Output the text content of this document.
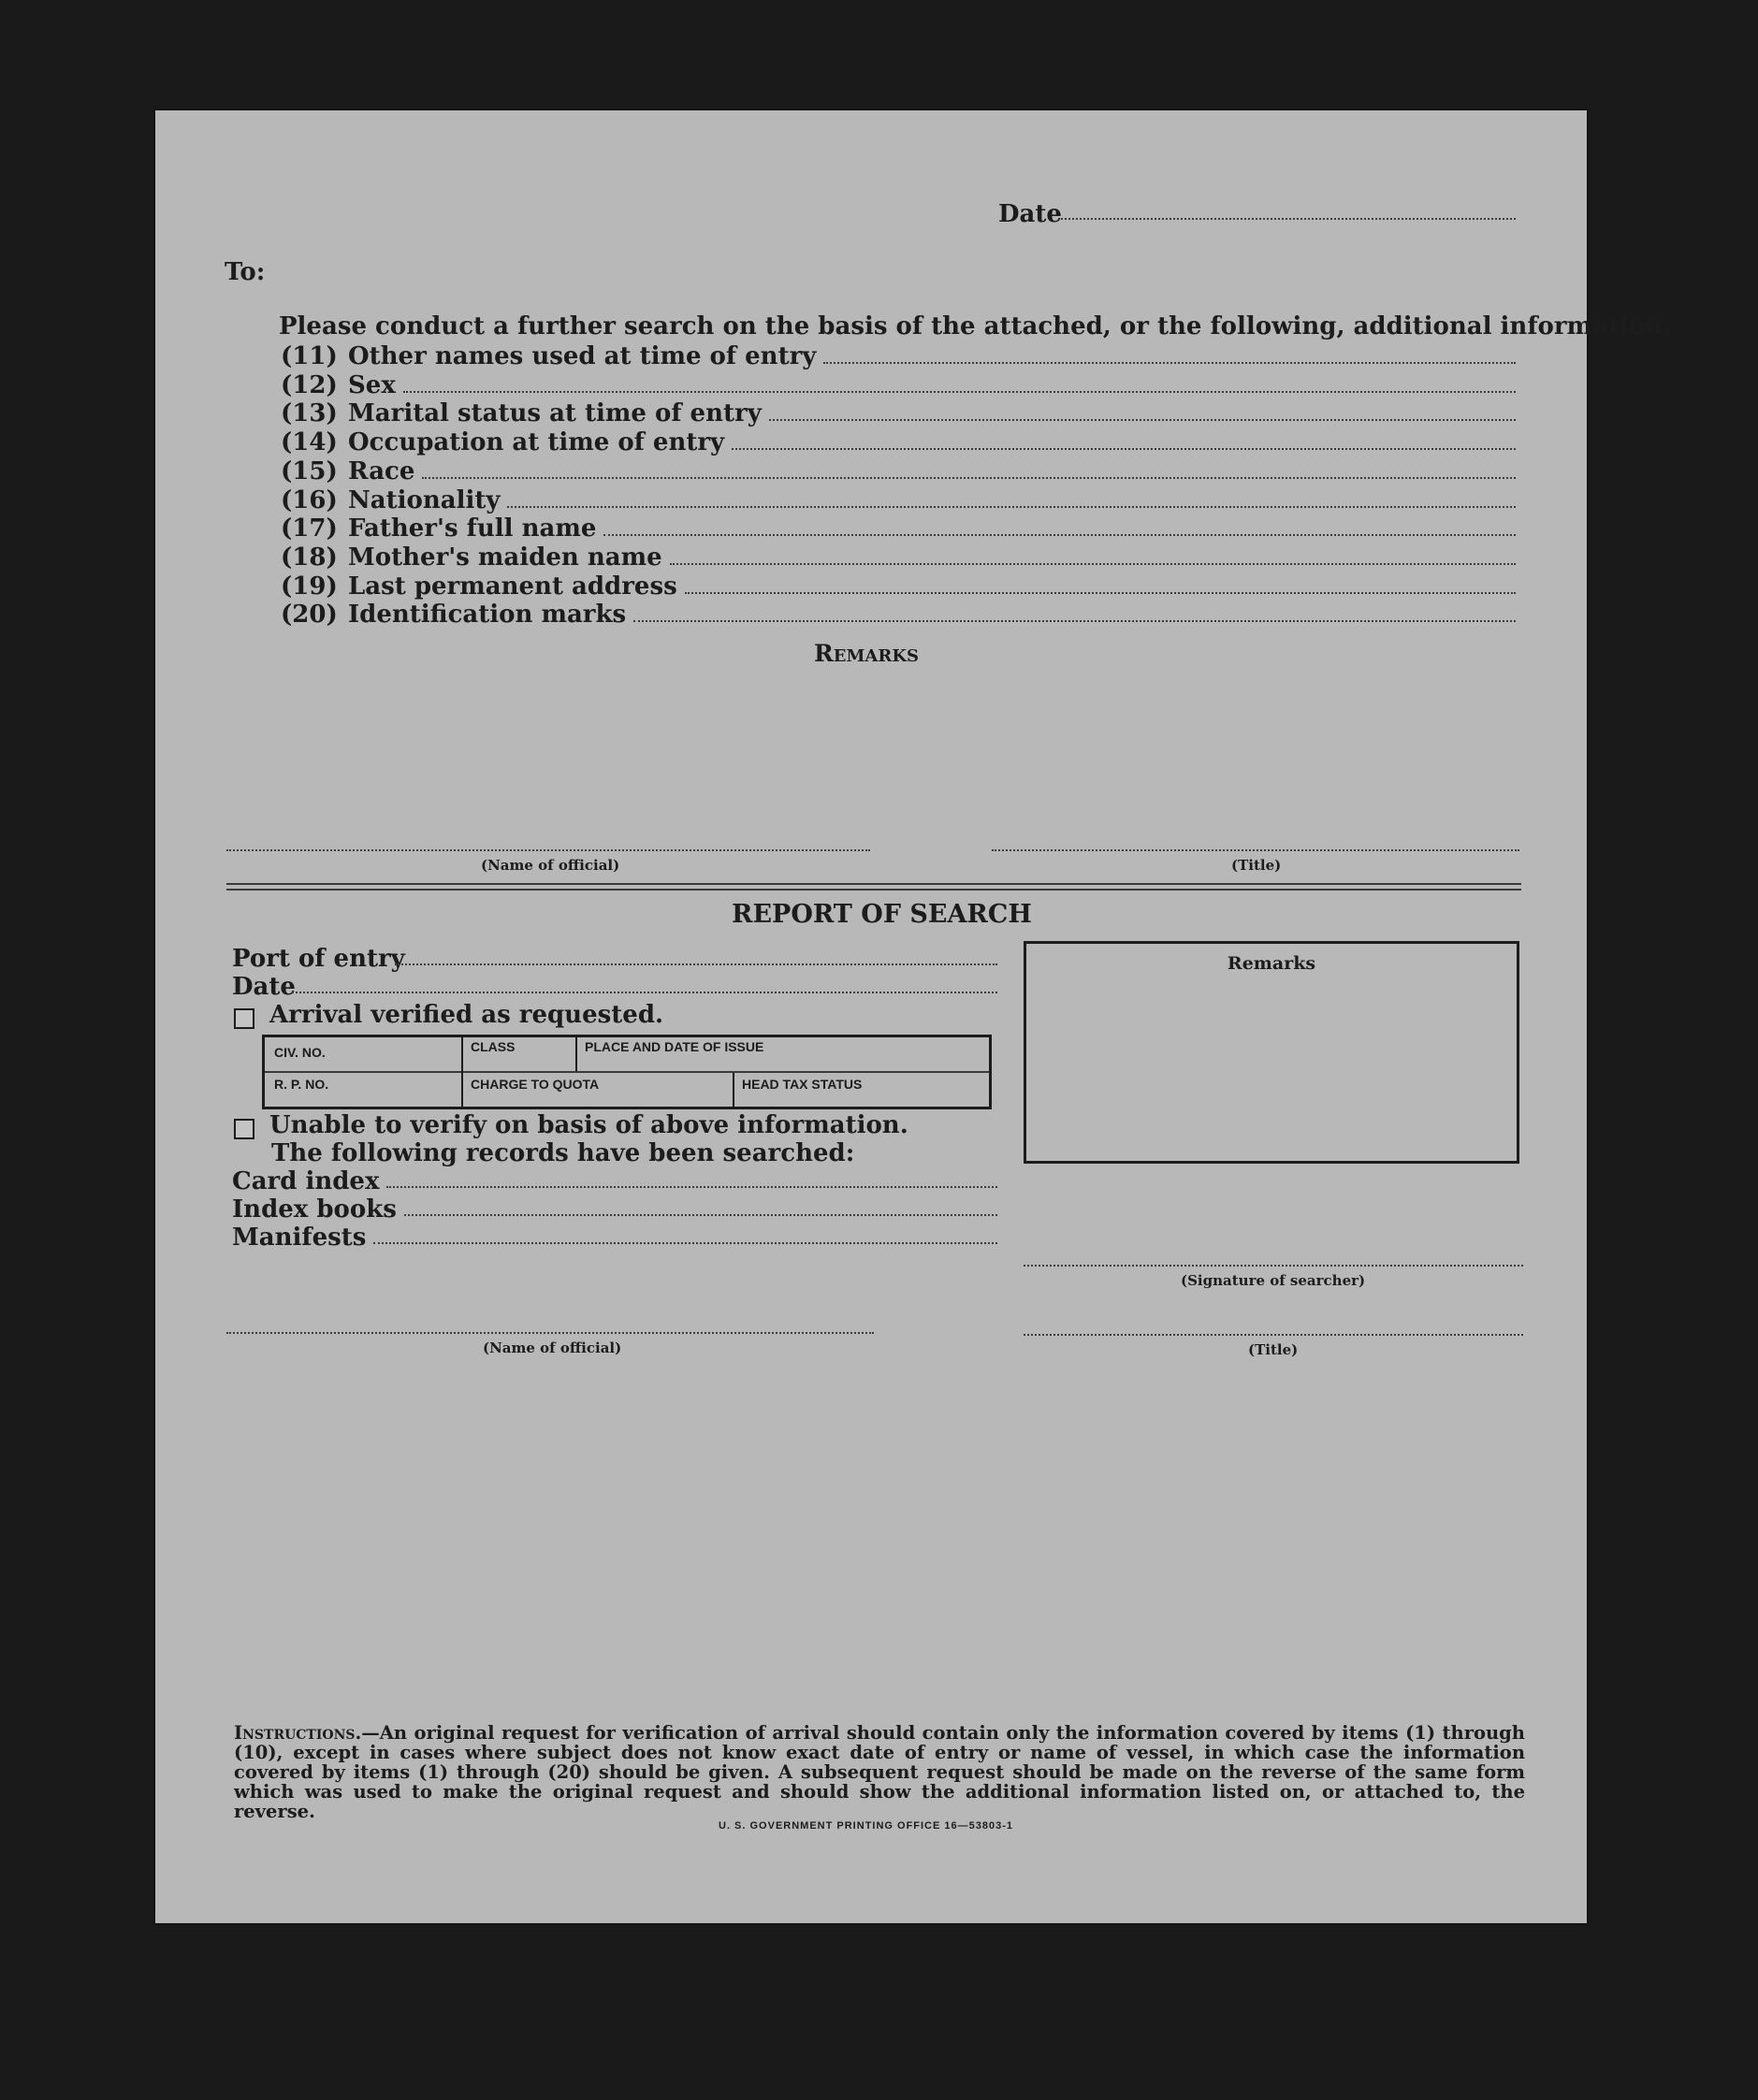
Date
To:
Please conduct a further search on the basis of the attached, or the following, additional information:
(11) Other names used at time of entry
(12) Sex
(13) Marital status at time of entry
(14) Occupation at time of entry
(15) Race
(16) Nationality
(17) Father's full name
(18) Mother's maiden name
(19) Last permanent address
(20) Identification marks
Remarks
(Name of official)	(Title)
REPORT OF SEARCH
Port of entry
Date
Arrival verified as requested.
CIV. NO.	CLASS	PLACE AND DATE OF ISSUE
R. P. NO.	CHARGE TO QUOTA	HEAD TAX STATUS
Unable to verify on basis of above information.
The following records have been searched:
Card index
Index books
Manifests
Remarks
(Signature of searcher)
(Name of official)	(Title)
Instructions.—An original request for verification of arrival should contain only the information covered by items (1) through (10), except in cases where subject does not know exact date of entry or name of vessel, in which case the information covered by items (1) through (20) should be given. A subsequent request should be made on the reverse of the same form which was used to make the original request and should show the additional information listed on, or attached to, the reverse.
U. S. GOVERNMENT PRINTING OFFICE 16—53803-1
